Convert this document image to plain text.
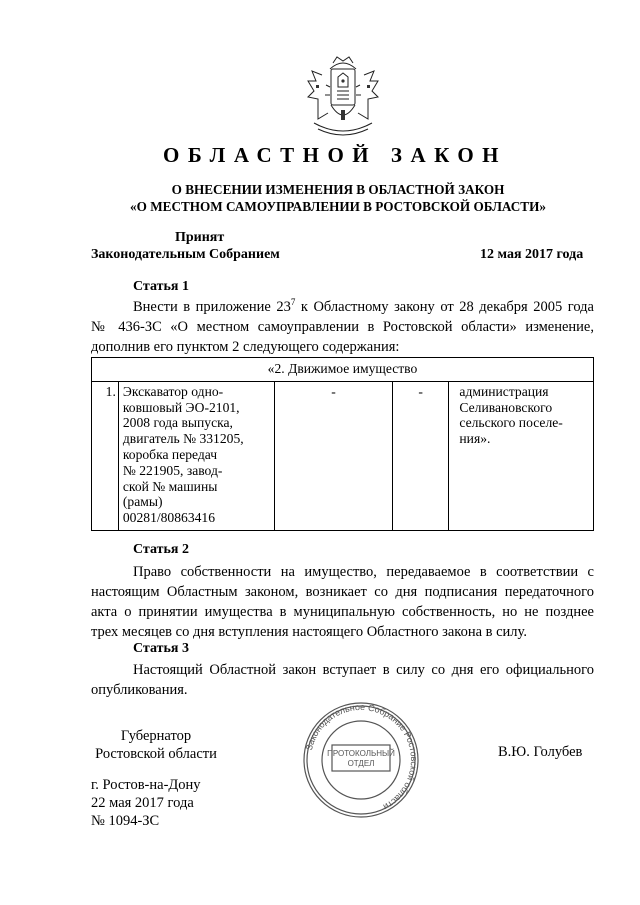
ОБЛАСТНОЙ ЗАКОН
О ВНЕСЕНИИ ИЗМЕНЕНИЯ В ОБЛАСТНОЙ ЗАКОН
«О МЕСТНОМ САМОУПРАВЛЕНИИ В РОСТОВСКОЙ ОБЛАСТИ»
Принят
Законодательным Собранием	12 мая 2017 года
Статья 1

Внести в приложение $23^7$ к Областному закону от 28 декабря 2005 года

№ 436-ЗС «О местном самоуправлении в Ростовской области» изменение,

дополнив его пунктом 2 следующего содержания:

«2. Движимое имущество
1.	Экскаватор одно-
ковшовый ЭО-2101,
2008 года выпуска,
двигатель № 331205,
коробка передач
№ 221905, завод-
ской № машины
(рамы)
00281/80863416	-	-	администрация
Селивановского
сельского поселе-
ния».
Статья 2

Право собственности на имущество, передаваемое в соответствии с

настоящим Областным законом, возникает со дня подписания передаточного

акта о принятии имущества в муниципальную собственность, но не позднее

трех месяцев со дня вступления настоящего Областного закона в силу.

Статья 3

Настоящий Областной закон вступает в силу со дня его официального

опубликования.

Законодательное Собрание Ростовской области
ПРОТОКОЛЬНЫЙ
ОТДЕЛ
Губернатор
Ростовской области	В.Ю. Голубев
г. Ростов-на-Дону
22 мая 2017 года
№ 1094-ЗС
